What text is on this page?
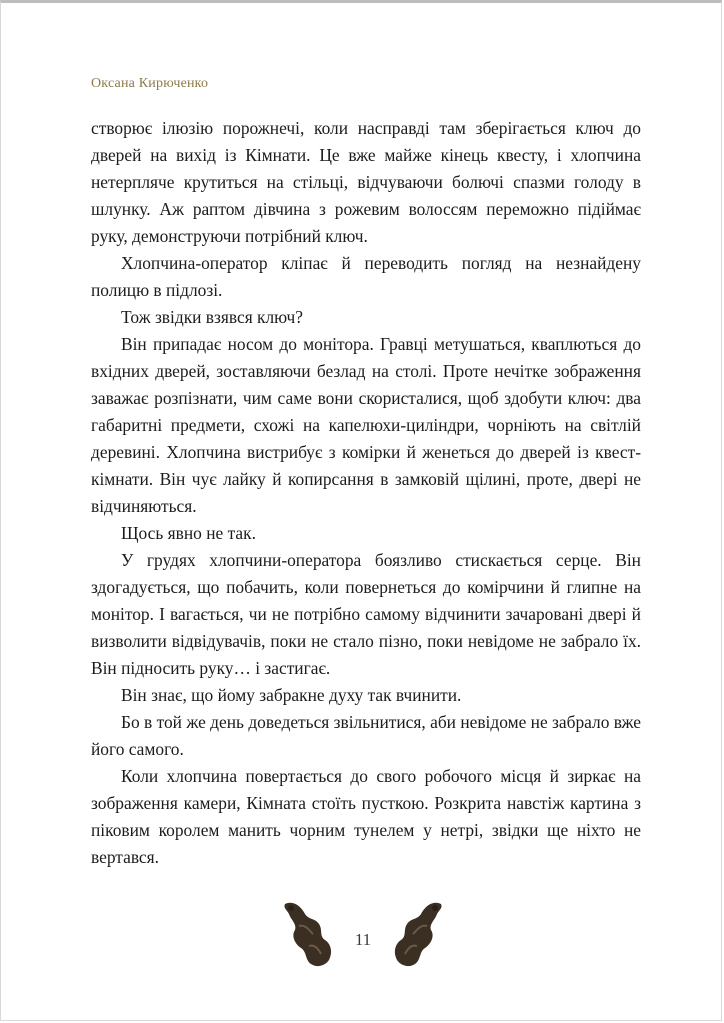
Оксана Кирюченко

створює ілюзію порожнечі, коли насправді там зберігається ключ до дверей на вихід із Кімнати. Це вже майже кінець квесту, і хлопчина нетерпляче крутиться на стільці, відчуваючи болючі спазми голоду в шлунку. Аж раптом дівчина з рожевим волоссям переможно підіймає руку, демонструючи потрібний ключ.

Хлопчина-оператор кліпає й переводить погляд на незнайдену полицю в підлозі.

Тож звідки взявся ключ?

Він припадає носом до монітора. Гравці метушаться, кваплються до вхідних дверей, зоставляючи безлад на столі. Проте нечітке зображення заважає розпізнати, чим саме вони скористалися, щоб здобути ключ: два габаритні предмети, схожі на капелюхи-циліндри, чорніють на світлій деревині. Хлопчина вистрибує з комірки й женеться до дверей із квест-кімнати. Він чує лайку й копирсання в замковій щілині, проте, двері не відчиняються.

Щось явно не так.

У грудях хлопчини-оператора боязливо стискається серце. Він здогадується, що побачить, коли повернеться до комірчини й глипне на монітор. І вагається, чи не потрібно самому відчинити зачаровані двері й визволити відвідувачів, поки не стало пізно, поки невідоме не забрало їх. Він підносить руку… і застигає.

Він знає, що йому забракне духу так вчинити.

Бо в той же день доведеться звільнитися, аби невідоме не забрало вже його самого.

Коли хлопчина повертається до свого робочого місця й зиркає на зображення камери, Кімната стоїть пусткою. Розкрита навстіж картина з піковим королем манить чорним тунелем у нетрі, звідки ще ніхто не вертався.

11
